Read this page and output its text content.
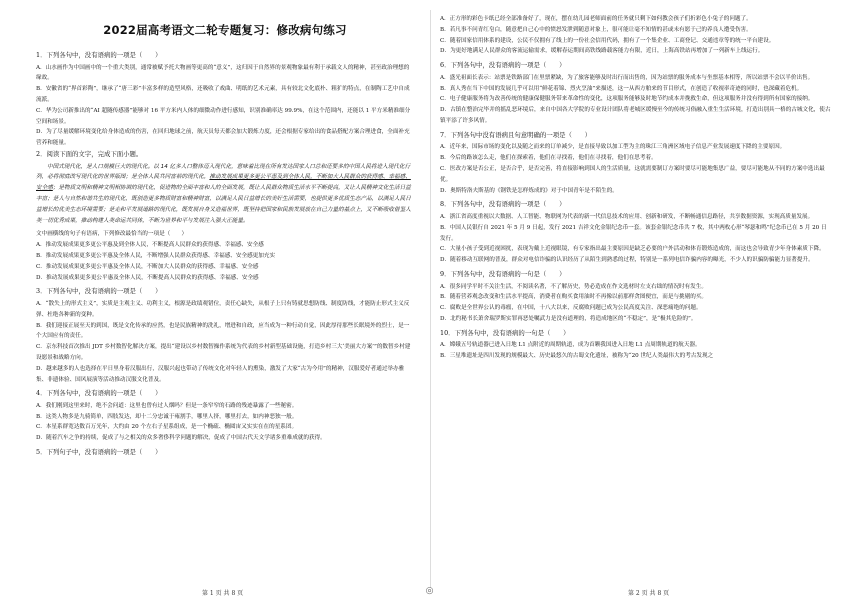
2022届高考语文二轮专题复习：修改病句练习

1．下列各句中，没有语病的一项是（　　）

A．山水画作为中国画中的一个重大类别，通常被赋予托大物画等更高的“意义”，这归因于自然界的景观物象最有利于承载文人的精神，甚至政治理想的缘故。

B．安徽省的“界首彩陶”，继承了“唐三彩”丰富多样的造型风格，还吸收了戏曲、明纸的艺术元素，具有较北文化底朴、粗犷的特点，在制陶工艺中自成流派。

C．华为公司新推出的“AI 超隧传感器”能够对 16 平方米内人体的细微动作进行感知，识别准确率达 99.9%，在这个范围内，还能以 1 平方米精准细分空间和场景。

D．为了尽量缓解环境变化给身体造成的伤害，在回归地球之前，航天员每天都会加大锻炼力度，还会根据专家给出的食品搭配方案合理进食，全面补充营养和能量。

2．阅读下面的文字，完成下面小题。

中国式现代化，是人口规模巨大的现代化。以 14 亿多人口整体迈入现代化，意味着比现在所有发达国家人口总和还要多的中国人民将进入现代化行列，必将彻底改写现代化的世界版图；是全体人民共同富裕的现代化，推动发展成果更多更公平惠及到全体人民，不断加大人民群众的获得感、幸福感、安全感；是物质文明和精神文明相协调的现代化，促进物的全面丰富和人的全面发展，既让人民群众物质生活水平不断提高，又让人民精神文化生活日益丰富；是人与自然和谐共生的现代化，既创造更多物质财富和精神财富，以满足人民日益增长的美好生活需要，也提供更多优质生态产品，以满足人民日益增长的优美生态环境需要；是走和平发展道路的现代化，既发展自身又造福世界，既坚持把国家和民族发展放在自己力量的基点上，又不断吸收借鉴人类一切优秀成果，推动构建人类命运共同体，不断为世界和平与发展注入强大正能量。

文中画横线的句子有语病，下列修改最恰当的一项是（　　）

A．推动发展成果更多更公平惠及到全体人民，不断提高人民群众的获得感、幸福感、安全感

B．推动发展成果更多更公平惠及全体人民，不断增强人民群众获得感、幸福感、安全感更加充实

C．推动发展成果更多更公平惠及全体人民，不断加大人民群众的获得感、幸福感、安全感

D．推动发展成果更多更公平惠及全体人民，不断提高人民群众的获得感、幸福感、安全感

3．下列各句中，没有语病的一项是（　　）

A．“散失上的形式主义”，实质是主观主义、功利主义，根源是政绩观错位，责任心缺失，从根子上只有铸就思想防线、制度防线，才能防止形式主义反弹、杜绝各种新的变种。

B．我们迎接正展至天的到国，既是文化传承的应然，也是民族精神的洗礼，增进和自政，应当成为一种行动自觉，因此厚待那些长眠境外的烈士，是一个大国应有的责任。

C．京东科技首次推出 JDT 乡村数智化解决方案，提出“建设以乡村数智操作系统为代表的乡村新型基础设施，打造乡村三大‘美丽大方案’”的数智乡村建设愿景和战略方向。

D．越来越多的人也选择在平日里身着汉服出行，汉服兴起也带动了传统文化对年轻人的熏染，激发了大家“古为今用”的精神，汉服爱好者通过举办雅集、非遗体验、国风展演等活动推动汉服文化普及。

4．下列各句中，没有语病的一项是（　　）

A．我们刚到这里来时，绝不会问道：这里也曾有过人烟吗？但是一条窄窄的石路的残迹暴露了一些秘密。

B．这类人物多是九骑简单，四肢发达，却十二分忠诚于雍割手，哪里人挤，哪里打去，如内神恶独一般。

C．本星系群宽达数百万光年，大约由 20 个左右子星系组成，是一个椭疏、椭圆宙又实实在在的星系团。

D．随着汽车之争的持续，促成了与之相关的众多奢侈科学问题的解决，促成了中国古代天文学诸多重难成就的获得。

5．下列句子中，没有语病的一项是（　　）

A．正方形的彩色卡纸已经全部准备好了，现在，摆在幼儿园老师面前的任务就只剩下如何教会孩子们折彩色小兔子的问题了。

B．若凡事不问青红皂白，随意把自己心中的愤怒发泄到随意对象上，很可能让毫不知情的甚或未有愿于己的养良人遭受伤害。

C．随着国家信用体系的建设，公民不仅拥有了线上的一份社会信用代码，拥有了一个集企业、工商登记、交通违章等的统一平台建设。

D．为更好地满足人民群众的客流运输需求，缓解春运期间高铁线路载客能力有限，近日，上海高铁站再增加了一列新车上线运行。

6．下列各句中，没有语病的一项是（　　）

A．盛光祖面长表示：站票是铁路部门在里票紧缺，为了旅客能够及时出行而出售的，因为站票的服务成本与坐票基本相等，所以站票不会以半价出售。

B．真人秀在当下中国的发展几乎可以用“鲜花着锦、烈火烹油”来描述，这一从西方舶来的节目形式，在创造了收视率奇迹的同时，也深藏着危机。

C．电子健康服务将为改善传统的健康保健服务带来革命性的变化，这项服务能够及时地节约成本并挽救生命，但这项服务并没有得到所有国家的接纳。

D．古镇在整治完毕并的摇乱恶环境后，来自中国各大学院的专业设计团队将老城区缓慢至今的传统习俗融入重生生活环境，打造出别具一格的古城文化，使古镇平添了许多风情。

7．下列各句中没有语病且句意明确的一项是（　　）

A．近年来，国际市场的变化以及随之而来的订单减少，是直接导致以加工型为主的珠江三角洲区域电子信息产业发展速度下降的主要原因。

B．今后的路该怎么走，他们在探索着，他们在寻找着，他们在寻找着，他们在思考着。

C．医改方案是否公正，是否合乎，是否完善，将直接影响到国人的生活质量，这就需要制订方案时要尽可能地集思广益，要尽可能地从不同的方案中选出最优。

D．奥斯特洛夫斯基的《钢铁是怎样炼成的》对于中国青年是不陌生的。

8．下列各句中，没有语病的一项是（　　）

A．浙江省高度重视以大数据、人工智能、物联网为代表的新一代信息技术的应用、创新和研发，不断畅通信息路径，共享数据资源，实现高质量发展。

B．中国人民银行自 2021 年 5 月 9 日起，发行 2021 吉祥文化金银纪念币一套。该套金银纪念币共 7 枚，其中两枚心形“琴瑟和鸣”纪念币已在 5 月 20 日发行。

C．大量小孩子受到近视困扰，表现为戴上近视眼镜，有专家指出最主要原因是缺乏必要的户外活动和体育锻炼造成的，而这也会导致青少年身体素质下降。

D．随着移动互联网的普及，群众对电信诈骗的认识经历了从陌生到熟悉的过程，特别是一系列电信诈骗内容的曝光，不少人的识骗防骗能力显著提升。

9．下列各句中，没有语病的一句是（　　）

A．很多同学平时不关注生活，不阅读名著，不了解历史，势必造成在作文选材时左支右绌的情况时有发生。

B．随着营养观念改变和生活水平提高，消费者在购买食用油时不再像以前那样贪图便宜，而是与挑剔的买。

C．腐败是全世界公认的毒瘤，在中国，十八大以来，反腐败问题已成为公民高度关注、深恶痛绝的问题。

D．北约秘书长萧舍瑞罗斯实罪再恶处嘱武力是没有道理的，将造成地区的“不稳定”，是“极其危险的”。

10．下列各句中，没有语病的一句是（　　）

A．嫦娥五号轨道器已进入日地 L1 点附近的周期轨道，成为首颗我国进入日地 L1 点周期轨道的航天器。

B．三星堆遗址是四川发现的规模最大、历史最悠久的古蜀文化遗址，被称为“20 世纪人类最伟大的考古发现之

第 1 页 共 8 页	◎	第 2 页 共 8 页
